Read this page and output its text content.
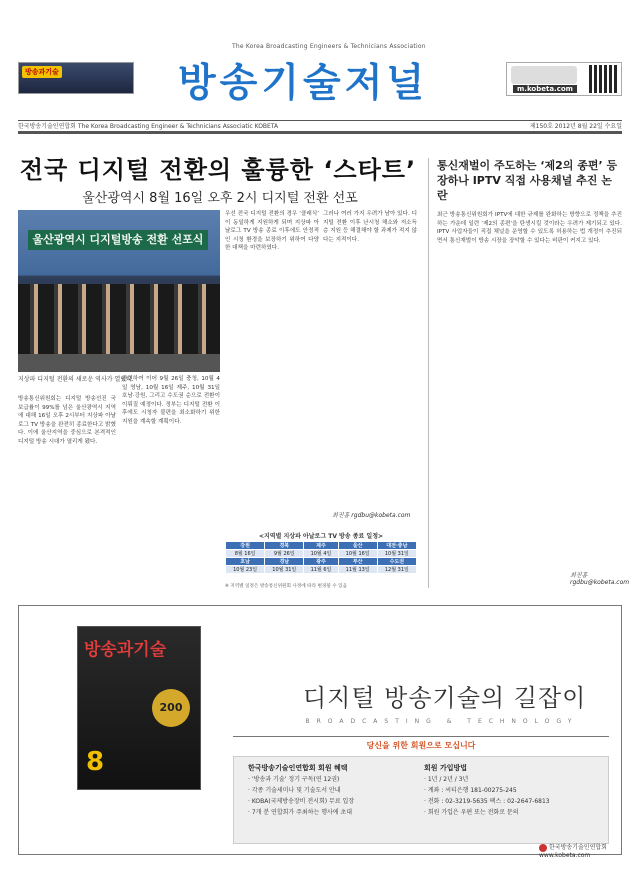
방송과기술
The Korea Broadcasting Engineers & Technicians Association
방송기술저널	m.kobeta.com
한국방송기술인연합회 The Korea Broadcasting Engineer & Technicians Associatic KOBETA	제150호 2012년 8월 22일 수요일
전국 디지털 전환의 훌륭한 ‘스타트’
울산광역시 8월 16일 오후 2시 디지털 전환 선포
울산광역시 디지털방송 전환 선포식
지상파 디지털 전환의 새로운 역사가 열렸다.
방송통신위원회는 디지털 방송선진 국 보급률이 99%를 넘은 울산광역시 지역에 대해 16일 오후 2시부터 지상파 아날로그 TV 방송을 완전히 종료한다고 밝혔다. 이에 울산지역을 중심으로 본격적인 디지털 방송 시대가 열리게 됐다.
관련하여 이어 9월 26일 충청, 10월 4일 영남, 10월 16일 제주, 10월 31일 호남·강원, 그리고 수도권 순으로 전환이 이뤄질 예정이다. 정부는 디지털 전환 이후에도 시청자 불편을 최소화하기 위한 지원을 계속할 계획이다.
우선 전국 디지털 전환의 경우 ‘클래식’ 이 동일하게 지원하게 되며 지상파 아날로그 TV 방송 종료 이후에도 안정적인 시청 환경을 보장하기 위하여 다양한 대책을 마련하였다.
그러나 여러 가지 우려가 남아 있다. 디지털 전환 이후 난시청 해소와 저소득층 지원 등 해결해야 할 과제가 적지 않다는 지적이다.
최진홍 rgdbu@kobeta.com
<지역별 지상파 아날로그 TV 방송 종료 일정>
강원	경북	제주	울산	대전·충남
8월 16일	9월 26일	10월 4일	10월 16일	10월 31일
호남	경남	광주	부산	수도권
10월 23일	10월 31일	11월 6일	11월 13일	12월 31일
※ 지역별 일정은 방송통신위원회 사정에 따라 변경될 수 있음
통신재벌이 주도하는 ‘제2의 종편’ 등장하나 IPTV 직접 사용채널 추진 논란
최근 방송통신위원회가 IPTV에 대한 규제를 완화하는 방향으로 정책을 추진하는 가운데 일련 ‘제2의 종편’을 탄생시킬 것이라는 우려가 제기되고 있다. IPTV 사업자들이 직접 채널을 운영할 수 있도록 허용하는 법 개정이 추진되면서 통신재벌이 방송 시장을 장악할 수 있다는 비판이 커지고 있다.
최진홍 rgdbu@kobeta.com
방송과기술
200
8
디지털 방송기술의 길잡이
BROADCASTING & TECHNOLOGY
당신을 위한 회원으로 모십니다
한국방송기술인연합회 회원 혜택
· ‘방송과 기술’ 정기 구독(연 12권)
· 각종 기술세미나 및 기술도서 안내
· KOBA(국제방송장비 전시회) 무료 입장
· 7개 분 연합회가 주최하는 행사에 초대
회원 가입방법
· 1년 / 2년 / 3년
· 계좌 : 씨티은행 181-00275-245
· 전화 : 02-3219-5635 팩스 : 02-2647-6813
· 회원 가입은 우편 또는 전화로 문의
한국방송기술인연합회 www.kobeta.com
